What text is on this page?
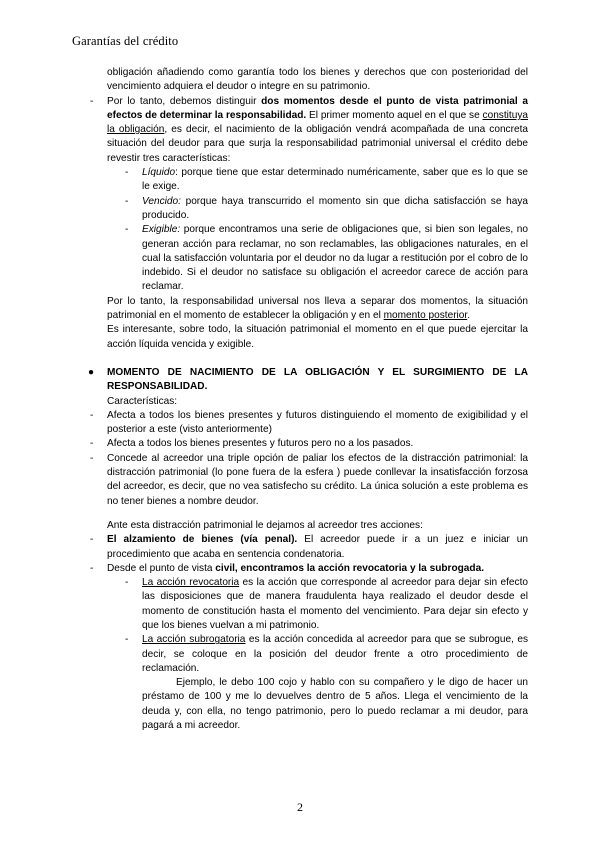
Garantías del crédito

obligación añadiendo como garantía todo los bienes y derechos que con posterioridad del vencimiento adquiera el deudor o integre en su patrimonio.

- Por lo tanto, debemos distinguir dos momentos desde el punto de vista patrimonial a efectos de determinar la responsabilidad. El primer momento aquel en el que se constituya la obligación, es decir, el nacimiento de la obligación vendrá acompañada de una concreta situación del deudor para que surja la responsabilidad patrimonial universal el crédito debe revestir tres características:
- Líquido: porque tiene que estar determinado numéricamente, saber que es lo que se le exige.
- Vencido: porque haya transcurrido el momento sin que dicha satisfacción se haya producido.
- Exigible: porque encontramos una serie de obligaciones que, si bien son legales, no generan acción para reclamar, no son reclamables, las obligaciones naturales, en el cual la satisfacción voluntaria por el deudor no da lugar a restitución por el cobro de lo indebido. Si el deudor no satisface su obligación el acreedor carece de acción para reclamar.

Por lo tanto, la responsabilidad universal nos lleva a separar dos momentos, la situación patrimonial en el momento de establecer la obligación y en el momento posterior.

Es interesante, sobre todo, la situación patrimonial el momento en el que puede ejercitar la acción líquida vencida y exigible.

● MOMENTO DE NACIMIENTO DE LA OBLIGACIÓN Y EL SURGIMIENTO DE LA RESPONSABILIDAD.

Características:

- Afecta a todos los bienes presentes y futuros distinguiendo el momento de exigibilidad y el posterior a este (visto anteriormente)
- Afecta a todos los bienes presentes y futuros pero no a los pasados.
- Concede al acreedor una triple opción de paliar los efectos de la distracción patrimonial: la distracción patrimonial (lo pone fuera de la esfera ) puede conllevar la insatisfacción forzosa del acreedor, es decir, que no vea satisfecho su crédito. La única solución a este problema es no tener bienes a nombre deudor.

Ante esta distracción patrimonial le dejamos al acreedor tres acciones:

- El alzamiento de bienes (vía penal). El acreedor puede ir a un juez e iniciar un procedimiento que acaba en sentencia condenatoria.
- Desde el punto de vista civil, encontramos la acción revocatoria y la subrogada.
- La acción revocatoria es la acción que corresponde al acreedor para dejar sin efecto las disposiciones que de manera fraudulenta haya realizado el deudor desde el momento de constitución hasta el momento del vencimiento. Para dejar sin efecto y que los bienes vuelvan a mi patrimonio.
- La acción subrogatoria es la acción concedida al acreedor para que se subrogue, es decir, se coloque en la posición del deudor frente a otro procedimiento de reclamación.

Ejemplo, le debo 100 cojo y hablo con su compañero y le digo de hacer un préstamo de 100 y me lo devuelves dentro de 5 años. Llega el vencimiento de la deuda y, con ella, no tengo patrimonio, pero lo puedo reclamar a mi deudor, para pagará a mi acreedor.

2
